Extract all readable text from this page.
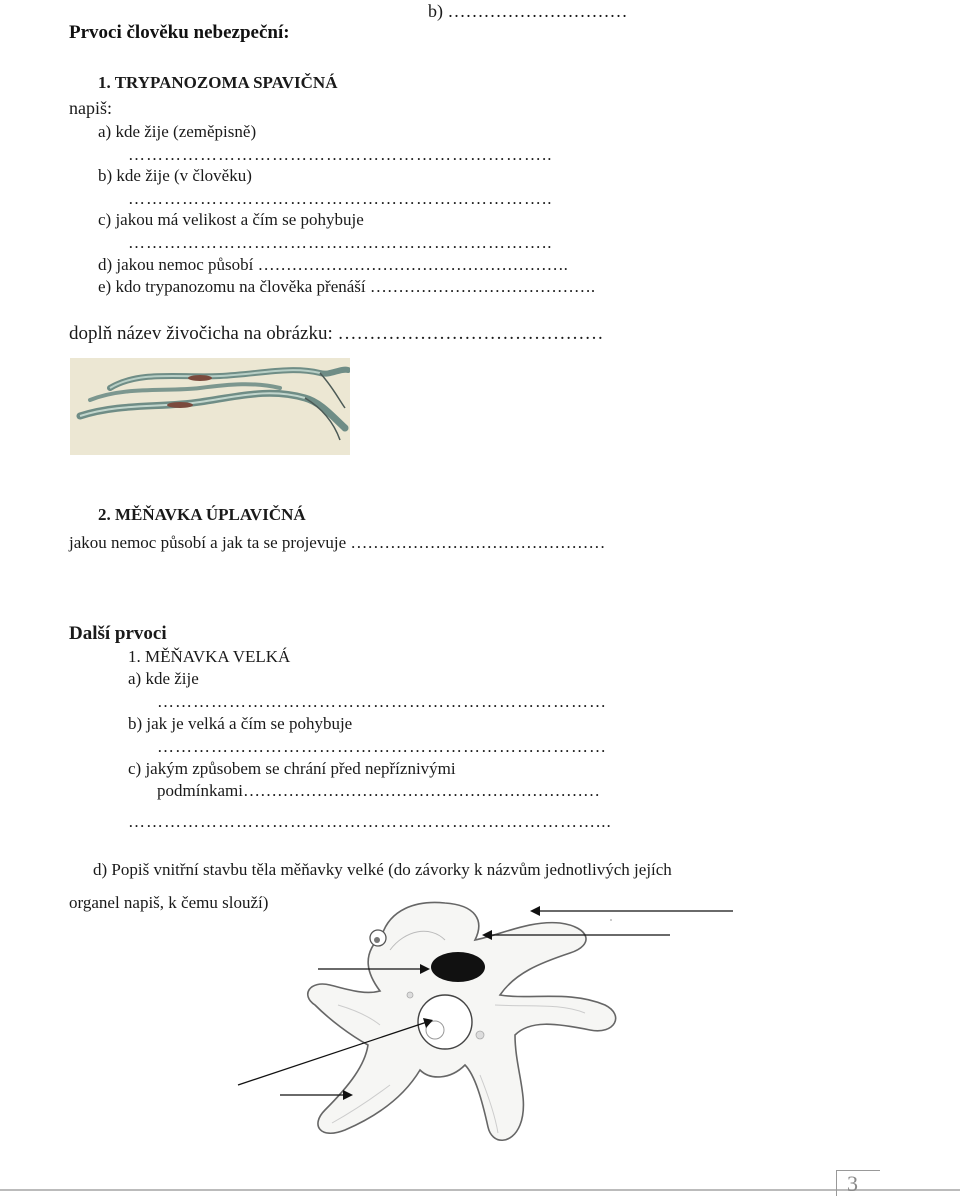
b) …………………………
Prvoci člověku nebezpeční:
1. TRYPANOZOMA SPAVIČNÁ
napiš:
a) kde žije (zeměpisně)
……………………………………………………………..
b) kde žije (v člověku)
……………………………………………………………..
c) jakou má velikost a čím se pohybuje
……………………………………………………………..
d) jakou nemoc působí ……………………………………………….
e) kdo trypanozomu na člověka přenáší ………………………………….
doplň název živočicha na obrázku: ……………………………………
2. MĚŇAVKA ÚPLAVIČNÁ
jakou nemoc působí a jak ta se projevuje ………………………………………
Další prvoci
1. MĚŇAVKA VELKÁ
a) kde žije
…………………………………………………………………
b) jak je velká a čím se pohybuje
…………………………………………………………………
c) jakým způsobem se chrání před nepříznivými
podmínkami………………………………………………………
……………………………………………………………………...
d) Popiš vnitřní stavbu těla měňavky velké (do závorky k názvům jednotlivých jejích
organel napiš, k čemu slouží)
3
